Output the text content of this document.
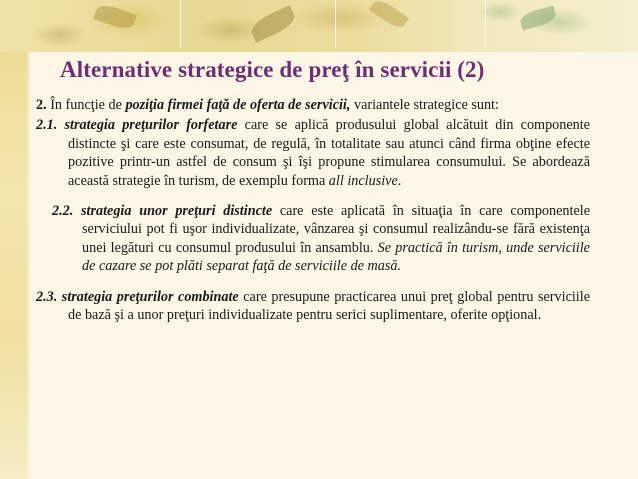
Alternative strategice de preţ în servicii (2)

2. În funcţie de poziţia firmei faţă de oferta de servicii, variantele strategice sunt:

2.1. strategia preţurilor forfetare care se aplică produsului global alcătuit din componente distincte şi care este consumat, de regulă, în totalitate sau atunci când firma obţine efecte pozitive printr-un astfel de consum şi îşi propune stimularea consumului. Se abordează această strategie în turism, de exemplu forma all inclusive.

2.2. strategia unor preţuri distincte care este aplicată în situaţia în care componentele serviciului pot fi uşor individualizate, vânzarea şi consumul realizându-se fără existenţa unei legături cu consumul produsului în ansamblu. Se practică în turism, unde serviciile de cazare se pot plăti separat faţă de serviciile de masă.

2.3. strategia preţurilor combinate care presupune practicarea unui preţ global pentru serviciile de bază şi a unor preţuri individualizate pentru serici suplimentare, oferite opţional.
